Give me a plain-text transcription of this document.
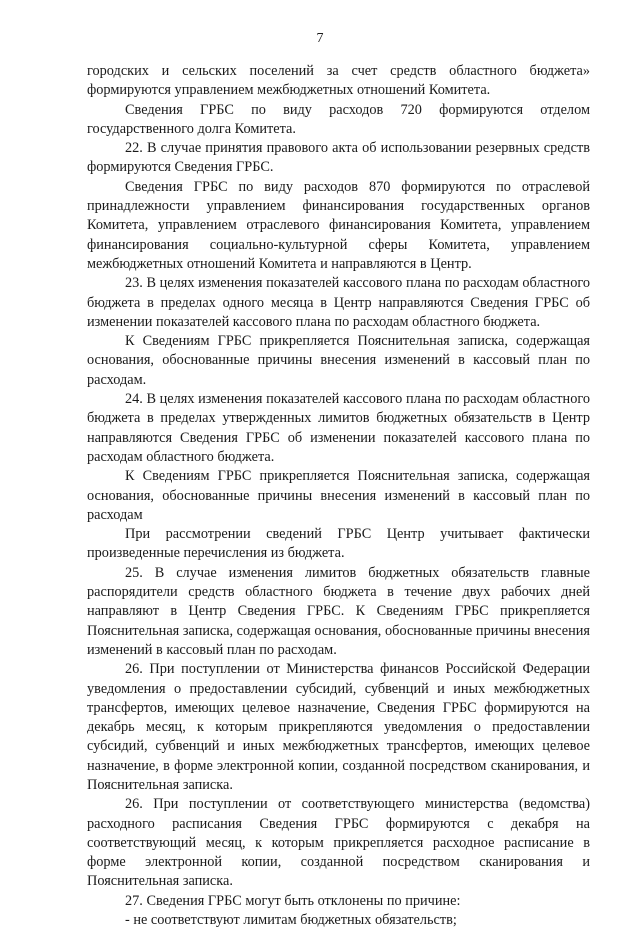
7

городских и сельских поселений за счет средств областного бюджета» формируются управлением межбюджетных отношений Комитета.

Сведения ГРБС по виду расходов 720 формируются отделом государственного долга Комитета.

22. В случае принятия правового акта об использовании резервных средств формируются Сведения ГРБС.

Сведения ГРБС по виду расходов 870 формируются по отраслевой принадлежности управлением финансирования государственных органов Комитета, управлением отраслевого финансирования Комитета, управлением финансирования социально-культурной сферы Комитета, управлением межбюджетных отношений Комитета и направляются в Центр.

23. В целях изменения показателей кассового плана по расходам областного бюджета в пределах одного месяца в Центр направляются Сведения ГРБС об изменении показателей кассового плана по расходам областного бюджета.

К Сведениям ГРБС прикрепляется Пояснительная записка, содержащая основания, обоснованные причины внесения изменений в кассовый план по расходам.

24. В целях изменения показателей кассового плана по расходам областного бюджета в пределах утвержденных лимитов бюджетных обязательств в Центр направляются Сведения ГРБС об изменении показателей кассового плана по расходам областного бюджета.

К Сведениям ГРБС прикрепляется Пояснительная записка, содержащая основания, обоснованные причины внесения изменений в кассовый план по расходам

При рассмотрении сведений ГРБС Центр учитывает фактически произведенные перечисления из бюджета.

25. В случае изменения лимитов бюджетных обязательств главные распорядители средств областного бюджета в течение двух рабочих дней направляют в Центр Сведения ГРБС. К Сведениям ГРБС прикрепляется Пояснительная записка, содержащая основания, обоснованные причины внесения изменений в кассовый план по расходам.

26. При поступлении от Министерства финансов Российской Федерации уведомления о предоставлении субсидий, субвенций и иных межбюджетных трансфертов, имеющих целевое назначение, Сведения ГРБС формируются на декабрь месяц, к которым прикрепляются уведомления о предоставлении субсидий, субвенций и иных межбюджетных трансфертов, имеющих целевое назначение, в форме электронной копии, созданной посредством сканирования, и Пояснительная записка.

26. При поступлении от соответствующего министерства (ведомства) расходного расписания Сведения ГРБС формируются с декабря на соответствующий месяц, к которым прикрепляется расходное расписание в форме электронной копии, созданной посредством сканирования и Пояснительная записка.

27. Сведения ГРБС могут быть отклонены по причине:

- не соответствуют лимитам бюджетных обязательств;
